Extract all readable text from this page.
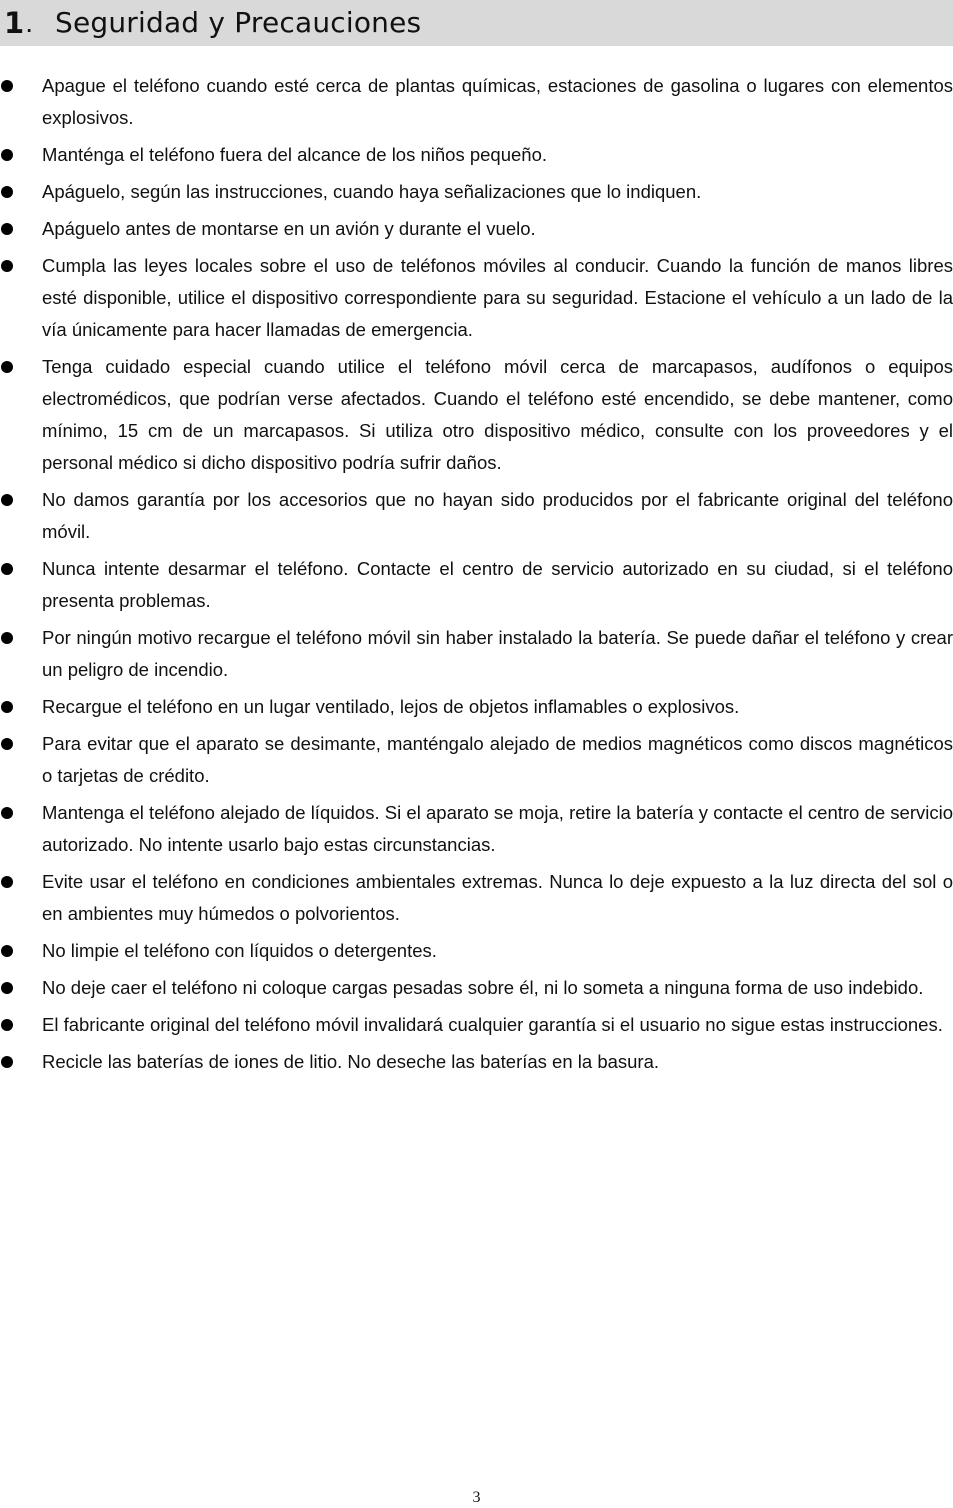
1 . Seguridad y Precauciones
Apague el teléfono cuando esté cerca de plantas químicas, estaciones de gasolina o lugares con elementos explosivos.
Manténga el teléfono fuera del alcance de los niños pequeño.
Apáguelo, según las instrucciones, cuando haya señalizaciones que lo indiquen.
Apáguelo antes de montarse en un avión y durante el vuelo.
Cumpla las leyes locales sobre el uso de teléfonos móviles al conducir. Cuando la función de manos libres esté disponible, utilice el dispositivo correspondiente para su seguridad. Estacione el vehículo a un lado de la vía únicamente para hacer llamadas de emergencia.
Tenga cuidado especial cuando utilice el teléfono móvil cerca de marcapasos, audífonos o equipos electromédicos, que podrían verse afectados. Cuando el teléfono esté encendido, se debe mantener, como mínimo, 15 cm de un marcapasos. Si utiliza otro dispositivo médico, consulte con los proveedores y el personal médico si dicho dispositivo podría sufrir daños.
No damos garantía por los accesorios que no hayan sido producidos por el fabricante original del teléfono móvil.
Nunca intente desarmar el teléfono. Contacte el centro de servicio autorizado en su ciudad, si el teléfono presenta problemas.
Por ningún motivo recargue el teléfono móvil sin haber instalado la batería. Se puede dañar el teléfono y crear un peligro de incendio.
Recargue el teléfono en un lugar ventilado, lejos de objetos inflamables o explosivos.
Para evitar que el aparato se desimante, manténgalo alejado de medios magnéticos como discos magnéticos o tarjetas de crédito.
Mantenga el teléfono alejado de líquidos. Si el aparato se moja, retire la batería y contacte el centro de servicio autorizado. No intente usarlo bajo estas circunstancias.
Evite usar el teléfono en condiciones ambientales extremas. Nunca lo deje expuesto a la luz directa del sol o en ambientes muy húmedos o polvorientos.
No limpie el teléfono con líquidos o detergentes.
No deje caer el teléfono ni coloque cargas pesadas sobre él, ni lo someta a ninguna forma de uso indebido.
El fabricante original del teléfono móvil invalidará cualquier garantía si el usuario no sigue estas instrucciones.
Recicle las baterías de iones de litio. No deseche las baterías en la basura.
3
